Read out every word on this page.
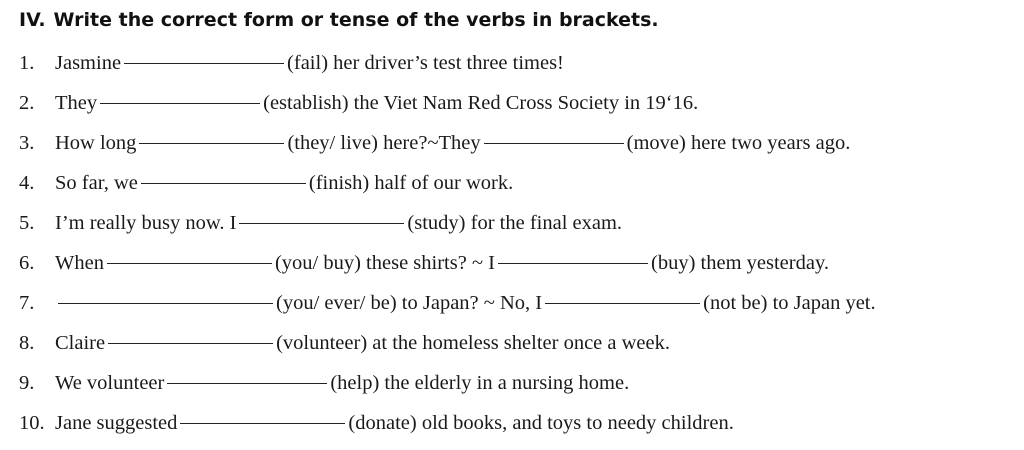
IV. Write the correct form or tense of the verbs in brackets.
1.	Jasmine	(fail) her driver’s test three times!
2.	They	(establish) the Viet Nam Red Cross Society in 19‘16.
3.	How long	(they/ live) here?~They	(move) here two years ago.
4.	So far, we	(finish) half of our work.
5.	I’m really busy now. I	(study) for the final exam.
6.	When	(you/ buy) these shirts? ~ I	(buy) them yesterday.
7.	(you/ ever/ be) to Japan? ~ No, I	(not be) to Japan yet.
8.	Claire	(volunteer) at the homeless shelter once a week.
9.	We volunteer	(help) the elderly in a nursing home.
10. Jane suggested	(donate) old books, and toys to needy children.
